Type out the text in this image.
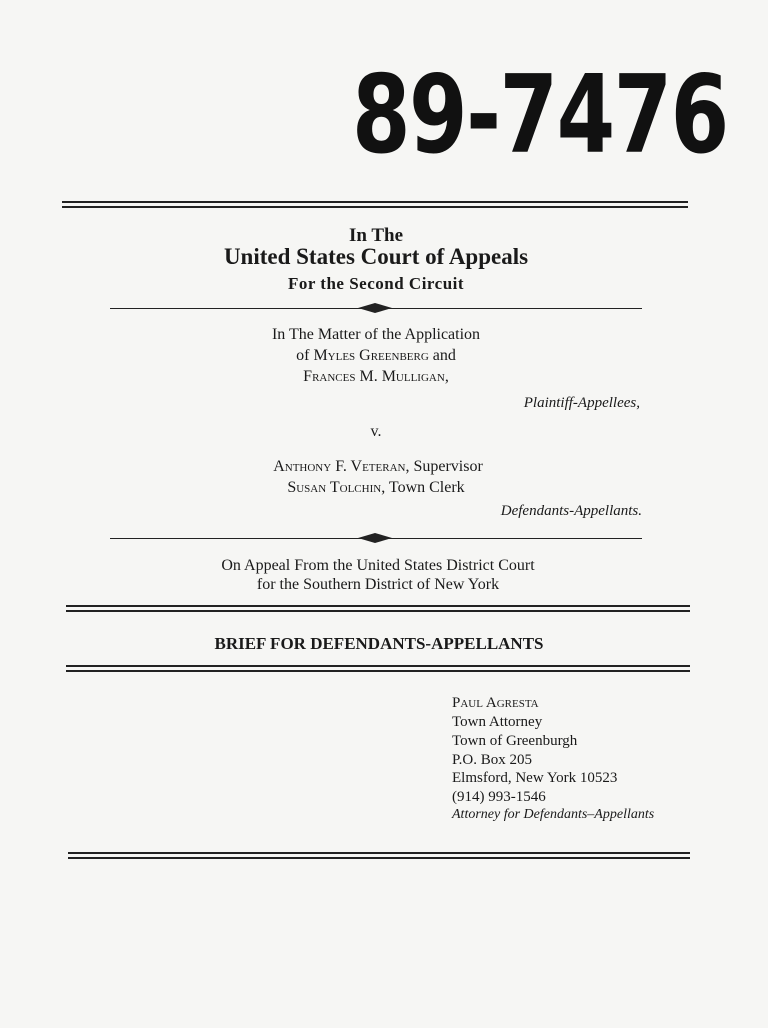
89-7476
In The
United States Court of Appeals
For the Second Circuit
In The Matter of the Application
of Myles Greenberg and
Frances M. Mulligan,
Plaintiff-Appellees,
v.
Anthony F. Veteran, Supervisor
Susan Tolchin, Town Clerk
Defendants-Appellants.
On Appeal From the United States District Court
for the Southern District of New York
BRIEF FOR DEFENDANTS-APPELLANTS
Paul Agresta
Town Attorney
Town of Greenburgh
P.O. Box 205
Elmsford, New York 10523
(914) 993-1546
Attorney for Defendants–Appellants
